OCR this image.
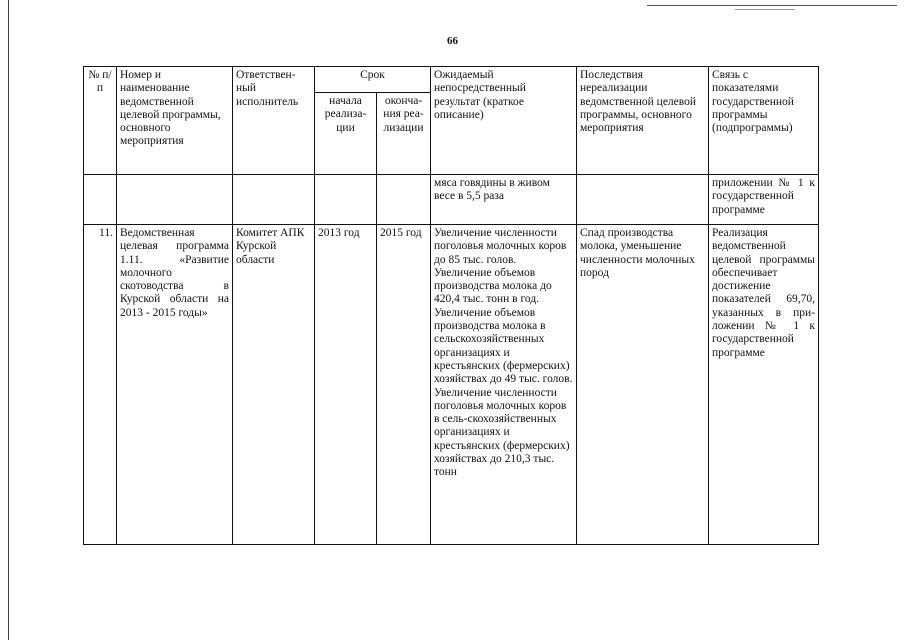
66
№ п/п	Номер и наименование ведомственной целевой программы, основного мероприятия	Ответствен-ный исполнитель	Срок		Ожидаемый непосредственный результат (краткое описание)	Последствия нереализации ведомственной целевой программы, основного мероприятия	Связь с показателями государственной программы (подпрограммы)
			начала реализа-ции	оконча-ния реа-лизации			
					мяса говядины в живом весе в 5,5 раза		приложении № 1 к государственной программе
11.	Ведомственная целевая программа 1.11. «Развитие молочного скотоводства в Курской области на 2013 - 2015 годы»	Комитет АПК Курской области	2013 год	2015 год	Увеличение численности поголовья молочных коров до 85 тыс. голов. Увеличение объемов производства молока до 420,4 тыс. тонн в год. Увеличение объемов производства молока в сельскохозяйственных организациях и крестьянских (фермерских) хозяйствах до 49 тыс. голов. Увеличение численности поголовья молочных коров в сель-скохозяйственных организациях и крестьянских (фермерских) хозяйствах до 210,3 тыс. тонн	Спад производства молока, уменьшение численности молочных пород	Реализация ведомственной целевой программы обеспечивает достижение показателей 69,70, указанных в при-ложении № 1 к государственной программе
